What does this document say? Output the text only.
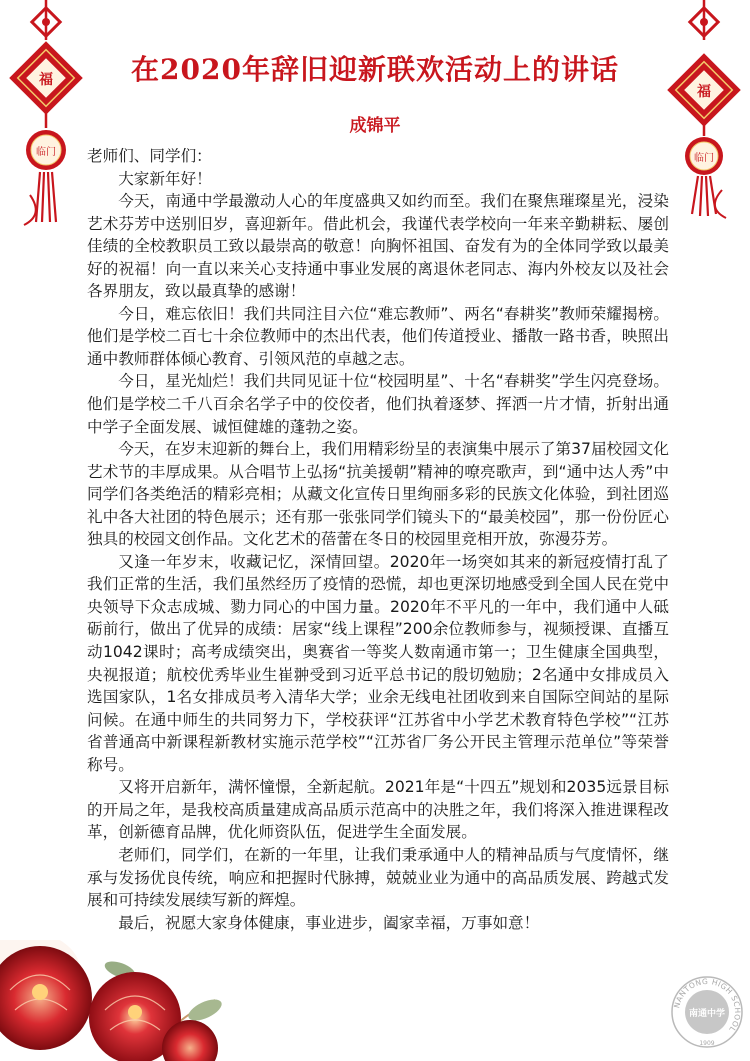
福
临门
福
临门
在2020年辞旧迎新联欢活动上的讲话
成锦平

老师们、同学们：

大家新年好！

今天，南通中学最激动人心的年度盛典又如约而至。我们在聚焦璀璨星光，浸染艺术芬芳中送别旧岁，喜迎新年。借此机会，我谨代表学校向一年来辛勤耕耘、屡创佳绩的全校教职员工致以最崇高的敬意！向胸怀祖国、奋发有为的全体同学致以最美好的祝福！向一直以来关心支持通中事业发展的离退休老同志、海内外校友以及社会各界朋友，致以最真挚的感谢！

今日，难忘依旧！我们共同注目六位“难忘教师”、两名“春耕奖”教师荣耀揭榜。他们是学校二百七十余位教师中的杰出代表，他们传道授业、播散一路书香，映照出通中教师群体倾心教育、引领风范的卓越之志。

今日，星光灿烂！我们共同见证十位“校园明星”、十名“春耕奖”学生闪亮登场。他们是学校二千八百余名学子中的佼佼者，他们执着逐梦、挥洒一片才情，折射出通中学子全面发展、诚恒健雄的蓬勃之姿。

今天，在岁末迎新的舞台上，我们用精彩纷呈的表演集中展示了第37届校园文化艺术节的丰厚成果。从合唱节上弘扬“抗美援朝”精神的嘹亮歌声，到“通中达人秀”中同学们各类绝活的精彩亮相；从藏文化宣传日里绚丽多彩的民族文化体验，到社团巡礼中各大社团的特色展示；还有那一张张同学们镜头下的“最美校园”，那一份份匠心独具的校园文创作品。文化艺术的蓓蕾在冬日的校园里竞相开放，弥漫芬芳。

又逢一年岁末，收藏记忆，深情回望。2020年一场突如其来的新冠疫情打乱了我们正常的生活，我们虽然经历了疫情的恐慌，却也更深切地感受到全国人民在党中央领导下众志成城、勠力同心的中国力量。2020年不平凡的一年中，我们通中人砥砺前行，做出了优异的成绩：居家“线上课程”200余位教师参与，视频授课、直播互动1042课时；高考成绩突出，奥赛省一等奖人数南通市第一；卫生健康全国典型，央视报道；航校优秀毕业生崔翀受到习近平总书记的殷切勉励；2名通中女排成员入选国家队，1名女排成员考入清华大学；业余无线电社团收到来自国际空间站的星际问候。在通中师生的共同努力下，学校获评“江苏省中小学艺术教育特色学校”“江苏省普通高中新课程新教材实施示范学校”“江苏省厂务公开民主管理示范单位”等荣誉称号。

又将开启新年，满怀憧憬，全新起航。2021年是“十四五”规划和2035远景目标的开局之年，是我校高质量建成高品质示范高中的决胜之年，我们将深入推进课程改革，创新德育品牌，优化师资队伍，促进学生全面发展。

老师们，同学们，在新的一年里，让我们秉承通中人的精神品质与气度情怀，继承与发扬优良传统，响应和把握时代脉搏，兢兢业业为通中的高品质发展、跨越式发展和可持续发展续写新的辉煌。

最后，祝愿大家身体健康，事业进步，阖家幸福，万事如意！

NANTONG HIGH SCHOOL
南通中学
1909
